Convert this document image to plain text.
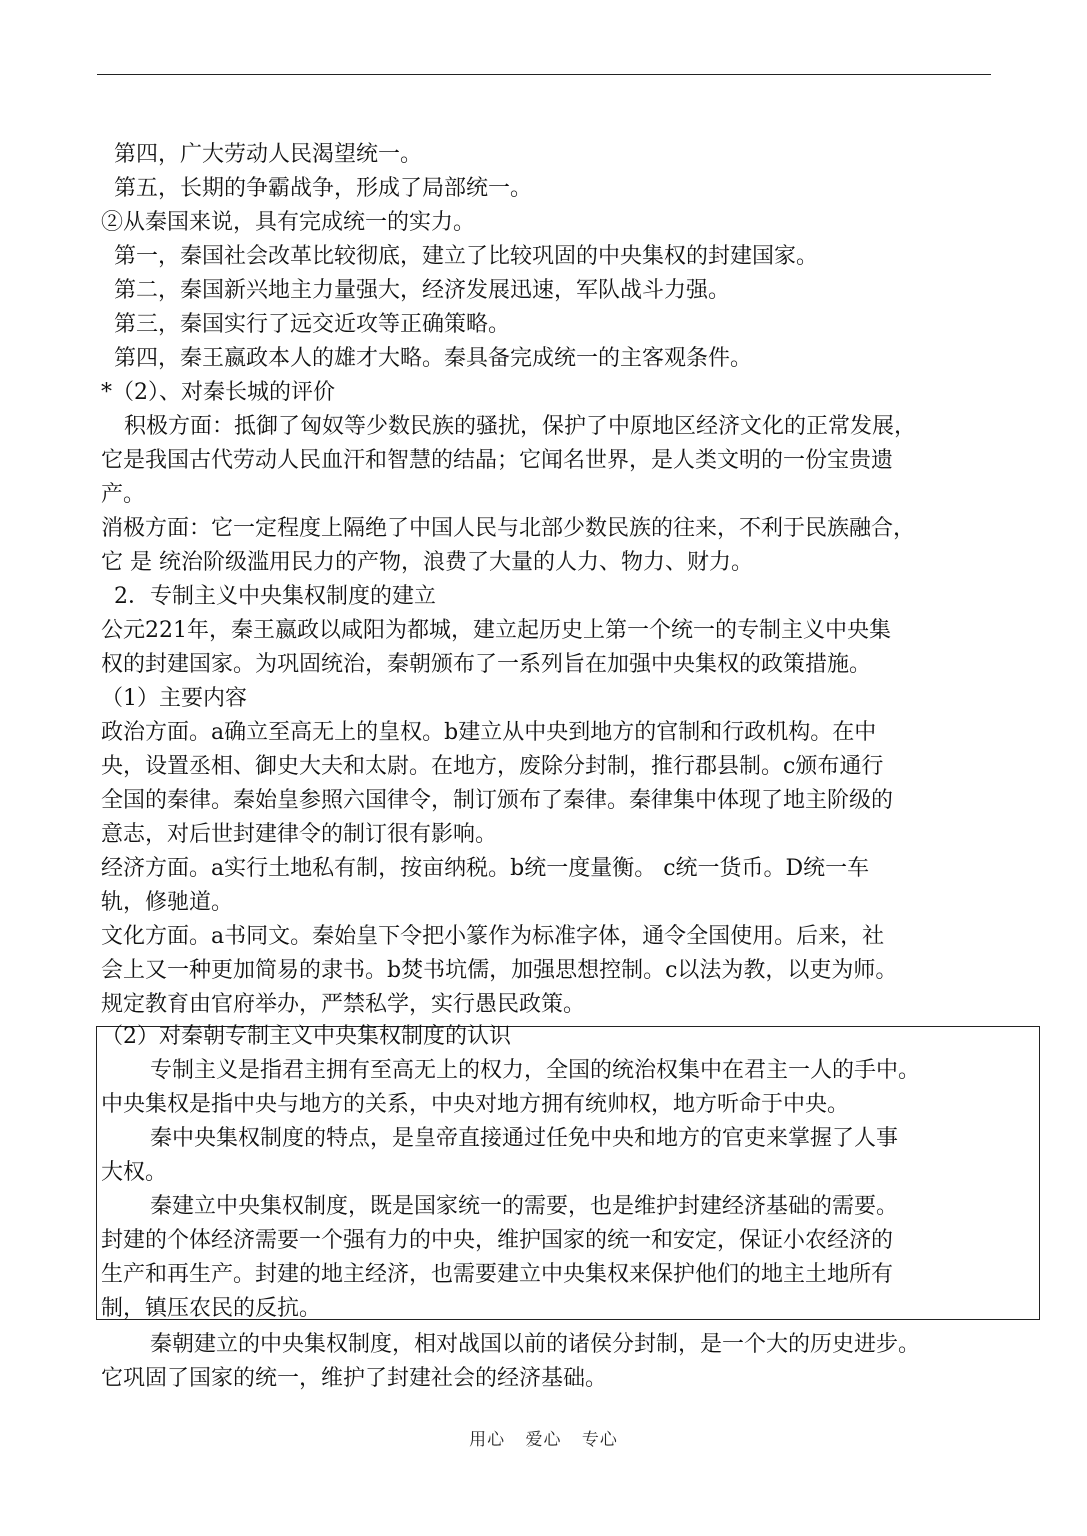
第四，广大劳动人民渴望统一。
第五，长期的争霸战争，形成了局部统一。
②从秦国来说，具有完成统一的实力。
第一，秦国社会改革比较彻底，建立了比较巩固的中央集权的封建国家。
第二，秦国新兴地主力量强大，经济发展迅速，军队战斗力强。
第三，秦国实行了远交近攻等正确策略。
第四，秦王嬴政本人的雄才大略。秦具备完成统一的主客观条件。
*（2）、对秦长城的评价
积极方面：抵御了匈奴等少数民族的骚扰，保护了中原地区经济文化的正常发展，
它是我国古代劳动人民血汗和智慧的结晶；它闻名世界，是人类文明的一份宝贵遗
产。
消极方面：它一定程度上隔绝了中国人民与北部少数民族的往来，不利于民族融合，
它 是 统治阶级滥用民力的产物，浪费了大量的人力、物力、财力。
2．专制主义中央集权制度的建立
公元221年，秦王嬴政以咸阳为都城，建立起历史上第一个统一的专制主义中央集
权的封建国家。为巩固统治，秦朝颁布了一系列旨在加强中央集权的政策措施。
（1）主要内容
政治方面。a确立至高无上的皇权。b建立从中央到地方的官制和行政机构。在中
央，设置丞相、御史大夫和太尉。在地方，废除分封制，推行郡县制。c颁布通行
全国的秦律。秦始皇参照六国律令，制订颁布了秦律。秦律集中体现了地主阶级的
意志，对后世封建律令的制订很有影响。
经济方面。a实行土地私有制，按亩纳税。b统一度量衡。 c统一货币。D统一车
轨，修驰道。
文化方面。a书同文。秦始皇下令把小篆作为标准字体，通令全国使用。后来，社
会上又一种更加简易的隶书。b焚书坑儒，加强思想控制。c以法为教，以吏为师。
规定教育由官府举办，严禁私学，实行愚民政策。
（2）对秦朝专制主义中央集权制度的认识
专制主义是指君主拥有至高无上的权力，全国的统治权集中在君主一人的手中。
中央集权是指中央与地方的关系，中央对地方拥有统帅权，地方听命于中央。
秦中央集权制度的特点，是皇帝直接通过任免中央和地方的官吏来掌握了人事
大权。
秦建立中央集权制度，既是国家统一的需要，也是维护封建经济基础的需要。
封建的个体经济需要一个强有力的中央，维护国家的统一和安定，保证小农经济的
生产和再生产。封建的地主经济，也需要建立中央集权来保护他们的地主土地所有
制，镇压农民的反抗。
秦朝建立的中央集权制度，相对战国以前的诸侯分封制，是一个大的历史进步。
它巩固了国家的统一，维护了封建社会的经济基础。
用心 爱心 专心
